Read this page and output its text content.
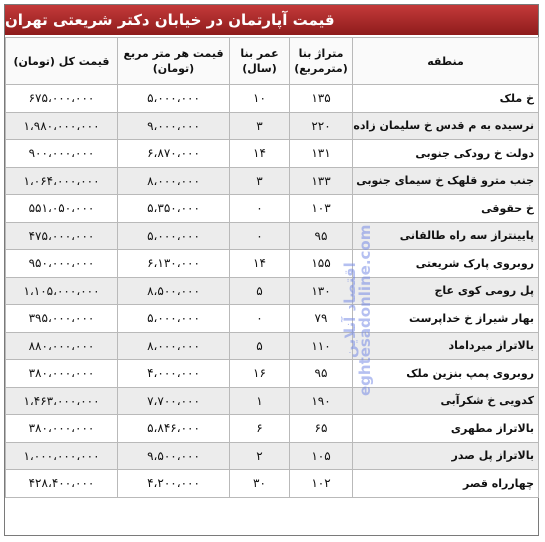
قیمت آپارتمان در خیابان دکتر شریعتی تهران
منطقه	متراژ بنا (مترمربع)	عمر بنا (سال)	قیمت هر متر مربع (تومان)	قیمت کل (تومان)
خ ملک	۱۳۵	۱۰	۵،۰۰۰،۰۰۰	۶۷۵،۰۰۰،۰۰۰
نرسیده به م قدس خ سلیمان زاده	۲۲۰	۳	۹،۰۰۰،۰۰۰	۱،۹۸۰،۰۰۰،۰۰۰
دولت خ رودکی جنوبی	۱۳۱	۱۴	۶،۸۷۰،۰۰۰	۹۰۰،۰۰۰،۰۰۰
جنب مترو قلهک خ سیمای جنوبی	۱۳۳	۳	۸،۰۰۰،۰۰۰	۱،۰۶۴،۰۰۰،۰۰۰
خ حقوقی	۱۰۳	۰	۵،۳۵۰،۰۰۰	۵۵۱،۰۵۰،۰۰۰
پایینتراز سه راه طالقانی	۹۵	۰	۵،۰۰۰،۰۰۰	۴۷۵،۰۰۰،۰۰۰
روبروی پارک شریعتی	۱۵۵	۱۴	۶،۱۳۰،۰۰۰	۹۵۰،۰۰۰،۰۰۰
پل رومی کوی عاج	۱۳۰	۵	۸،۵۰۰،۰۰۰	۱،۱۰۵،۰۰۰،۰۰۰
بهار شیراز خ خداپرست	۷۹	۰	۵،۰۰۰،۰۰۰	۳۹۵،۰۰۰،۰۰۰
بالاتراز میرداماد	۱۱۰	۵	۸،۰۰۰،۰۰۰	۸۸۰،۰۰۰،۰۰۰
روبروی پمپ بنزین ملک	۹۵	۱۶	۴،۰۰۰،۰۰۰	۳۸۰،۰۰۰،۰۰۰
کدویی خ شکرآبی	۱۹۰	۱	۷،۷۰۰،۰۰۰	۱،۴۶۳،۰۰۰،۰۰۰
بالاتراز مطهری	۶۵	۶	۵،۸۴۶،۰۰۰	۳۸۰،۰۰۰،۰۰۰
بالاتراز پل صدر	۱۰۵	۲	۹،۵۰۰،۰۰۰	۱،۰۰۰،۰۰۰،۰۰۰
چهارراه قصر	۱۰۲	۳۰	۴،۲۰۰،۰۰۰	۴۲۸،۴۰۰،۰۰۰
اقتصاد آنلاین eghtesadonline.com
